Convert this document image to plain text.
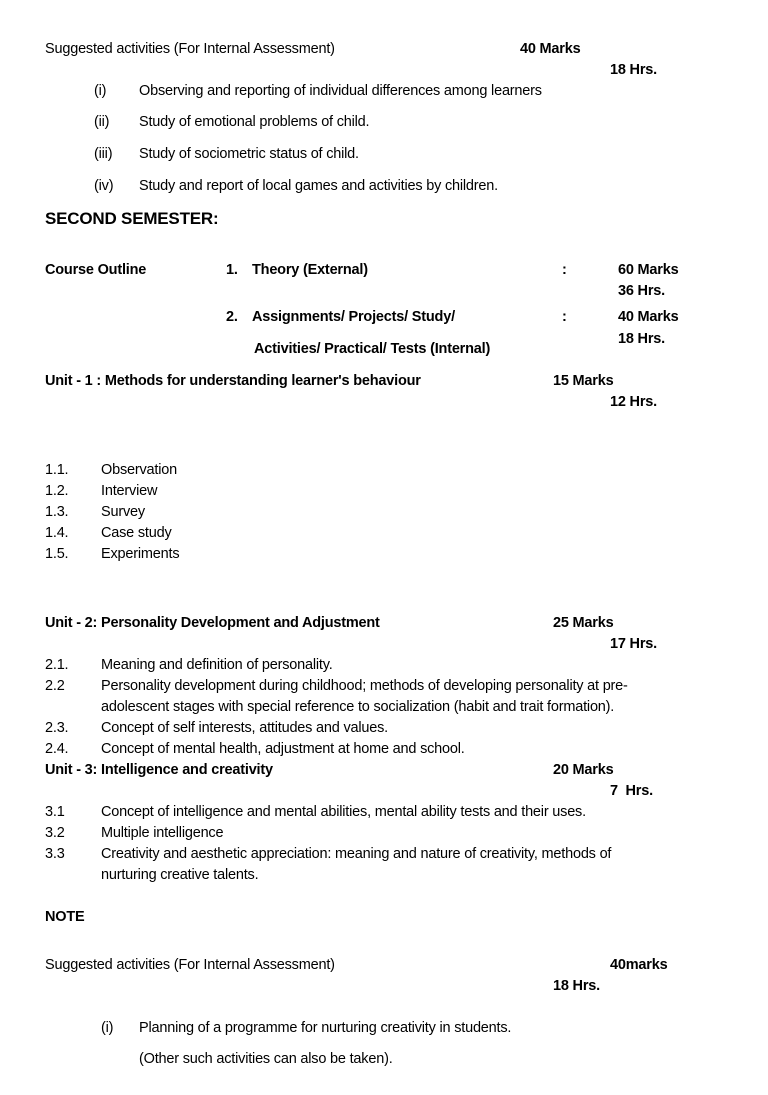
Suggested activities (For Internal Assessment)	40 Marks
18 Hrs.
(i) Observing and reporting of individual differences among learners
(ii) Study of emotional problems of child.
(iii) Study of sociometric status of child.
(iv) Study and report of local games and activities by children.
SECOND SEMESTER:
Course Outline	1. Theory (External)	:	60 Marks
36 Hrs.
2. Assignments/ Projects/ Study/
Activities/ Practical/ Tests (Internal)
:	40 Marks
18 Hrs.
Unit - 1 : Methods for understanding learner's behaviour	15 Marks
12 Hrs.
1.1. Observation
1.2. Interview
1.3. Survey
1.4. Case study
1.5. Experiments
Unit - 2: Personality Development and Adjustment	25 Marks
17 Hrs.
2.1. Meaning and definition of personality.
2.2	Personality development during childhood; methods of developing personality at pre-
adolescent stages with special reference to socialization (habit and trait formation).
2.3. Concept of self interests, attitudes and values.
2.4. Concept of mental health, adjustment at home and school.
Unit - 3: Intelligence and creativity	20 Marks
7  Hrs.
3.1	Concept of intelligence and mental abilities, mental ability tests and their uses.
3.2	Multiple intelligence
3.3	Creativity and aesthetic appreciation: meaning and nature of creativity, methods of
nurturing creative talents.
NOTE
Suggested activities (For Internal Assessment)	40marks
18 Hrs.
(i) Planning of a programme for nurturing creativity in students.
(Other such activities can also be taken).
